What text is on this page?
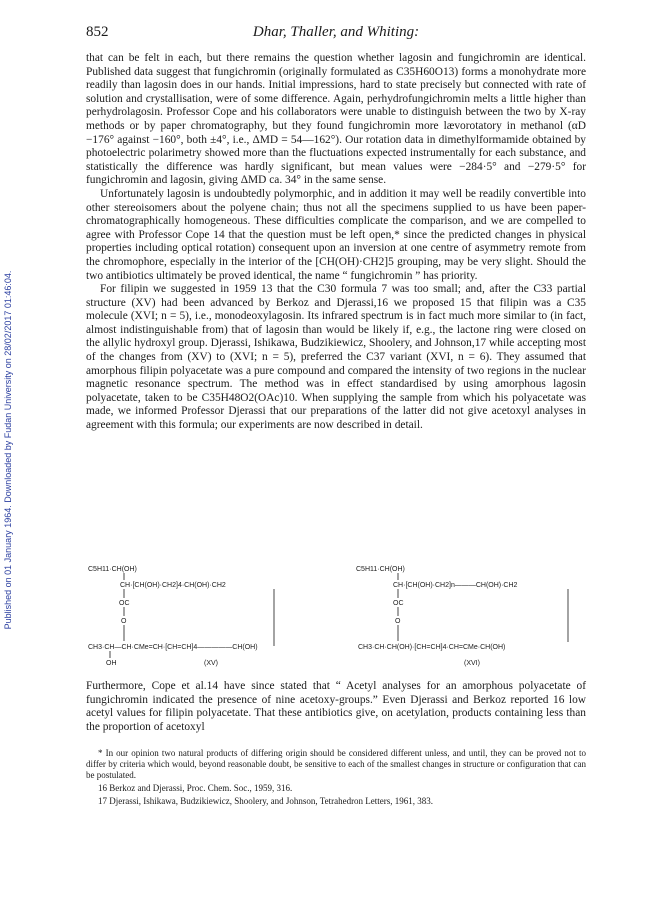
Published on 01 January 1964. Downloaded by Fudan University on 28/02/2017 01:46:04.
852	Dhar, Thaller, and Whiting:

that can be felt in each, but there remains the question whether lagosin and fungichromin are identical. Published data suggest that fungichromin (originally formulated as C35H60O13) forms a monohydrate more readily than lagosin does in our hands. Initial impressions, hard to state precisely but connected with rate of solution and crystallisation, were of some difference. Again, perhydrofungichromin melts a little higher than perhydrolagosin. Professor Cope and his collaborators were unable to distinguish between the two by X-ray methods or by paper chromatography, but they found fungichromin more lævorotatory in methanol (αD −176° against −160°, both ±4°, i.e., ΔMD = 54—162°). Our rotation data in dimethylformamide obtained by photoelectric polarimetry showed more than the fluctuations expected instrumentally for each substance, and statistically the difference was hardly significant, but mean values were −284·5° and −279·5° for fungichromin and lagosin, giving ΔMD ca. 34° in the same sense.

Unfortunately lagosin is undoubtedly polymorphic, and in addition it may well be readily convertible into other stereoisomers about the polyene chain; thus not all the specimens supplied to us have been paper-chromatographically homogeneous. These difficulties complicate the comparison, and we are compelled to agree with Professor Cope 14 that the question must be left open,* since the predicted changes in physical properties including optical rotation) consequent upon an inversion at one centre of asymmetry remote from the chromophore, especially in the interior of the [CH(OH)·CH2]5 grouping, may be very slight. Should the two antibiotics ultimately be proved identical, the name “ fungichromin ” has priority.

For filipin we suggested in 1959 13 that the C30 formula 7 was too small; and, after the C33 partial structure (XV) had been advanced by Berkoz and Djerassi,16 we proposed 15 that filipin was a C35 molecule (XVI; n = 5), i.e., monodeoxylagosin. Its infrared spectrum is in fact much more similar to (in fact, almost indistinguishable from) that of lagosin than would be likely if, e.g., the lactone ring were closed on the allylic hydroxyl group. Djerassi, Ishikawa, Budzikiewicz, Shoolery, and Johnson,17 while accepting most of the changes from (XV) to (XVI; n = 5), preferred the C37 variant (XVI, n = 6). They assumed that amorphous filipin polyacetate was a pure compound and compared the intensity of two regions in the nuclear magnetic resonance spectrum. The method was in effect standardised by using amorphous lagosin polyacetate, taken to be C35H48O2(OAc)10. When supplying the sample from which his polyacetate was made, we informed Professor Djerassi that our preparations of the latter did not give acetoxyl analyses in agreement with this formula; our experiments are now described in detail.

C5H11·CH(OH)
CH·[CH(OH)·CH2]4·CH(OH)·CH2
OC
O
CH3·CH—CH·CMe=CH·[CH=CH]4—————CH(OH)
OH	(XV)
C5H11·CH(OH)
CH·[CH(OH)·CH2]n———CH(OH)·CH2
OC
O
CH3·CH·CH(OH)·[CH=CH]4·CH=CMe·CH(OH)
(XVI)

Furthermore, Cope et al.14 have since stated that “ Acetyl analyses for an amorphous polyacetate of fungichromin indicated the presence of nine acetoxy-groups.” Even Djerassi and Berkoz reported 16 low acetyl values for filipin polyacetate. That these antibiotics give, on acetylation, products containing less than the proportion of acetoxyl

* In our opinion two natural products of differing origin should be considered different unless, and until, they can be proved not to differ by criteria which would, beyond reasonable doubt, be sensitive to each of the smallest changes in structure or configuration that can be postulated.

16 Berkoz and Djerassi, Proc. Chem. Soc., 1959, 316.

17 Djerassi, Ishikawa, Budzikiewicz, Shoolery, and Johnson, Tetrahedron Letters, 1961, 383.
